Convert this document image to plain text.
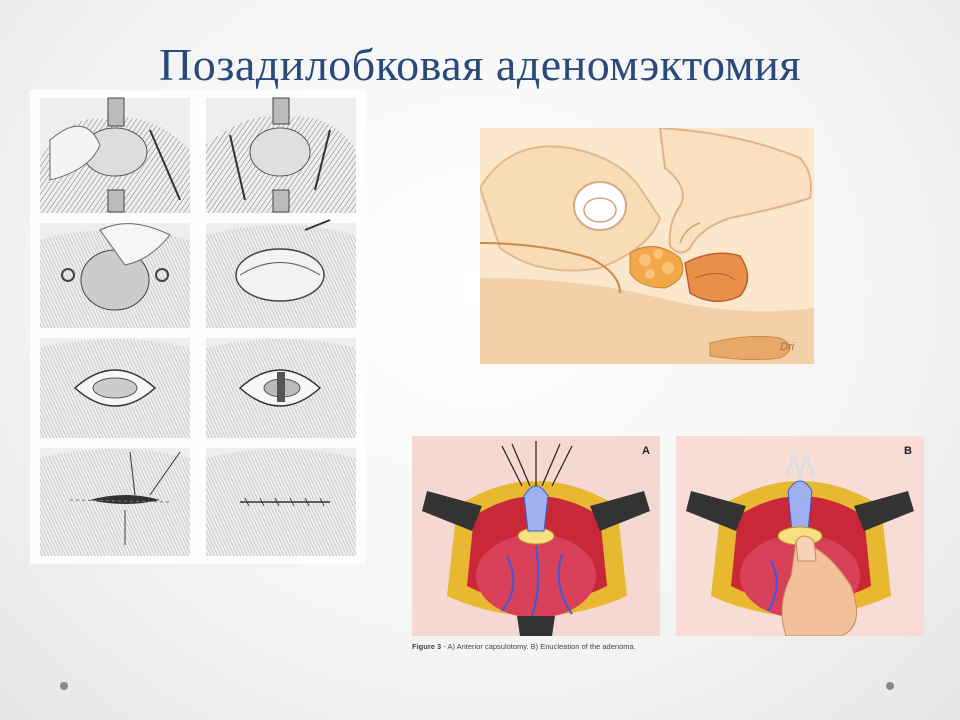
Позадилобковая аденомэктомия
Dri
A	B
Figure 3 - A) Anterior capsulotomy. B) Enucleation of the adenoma.
